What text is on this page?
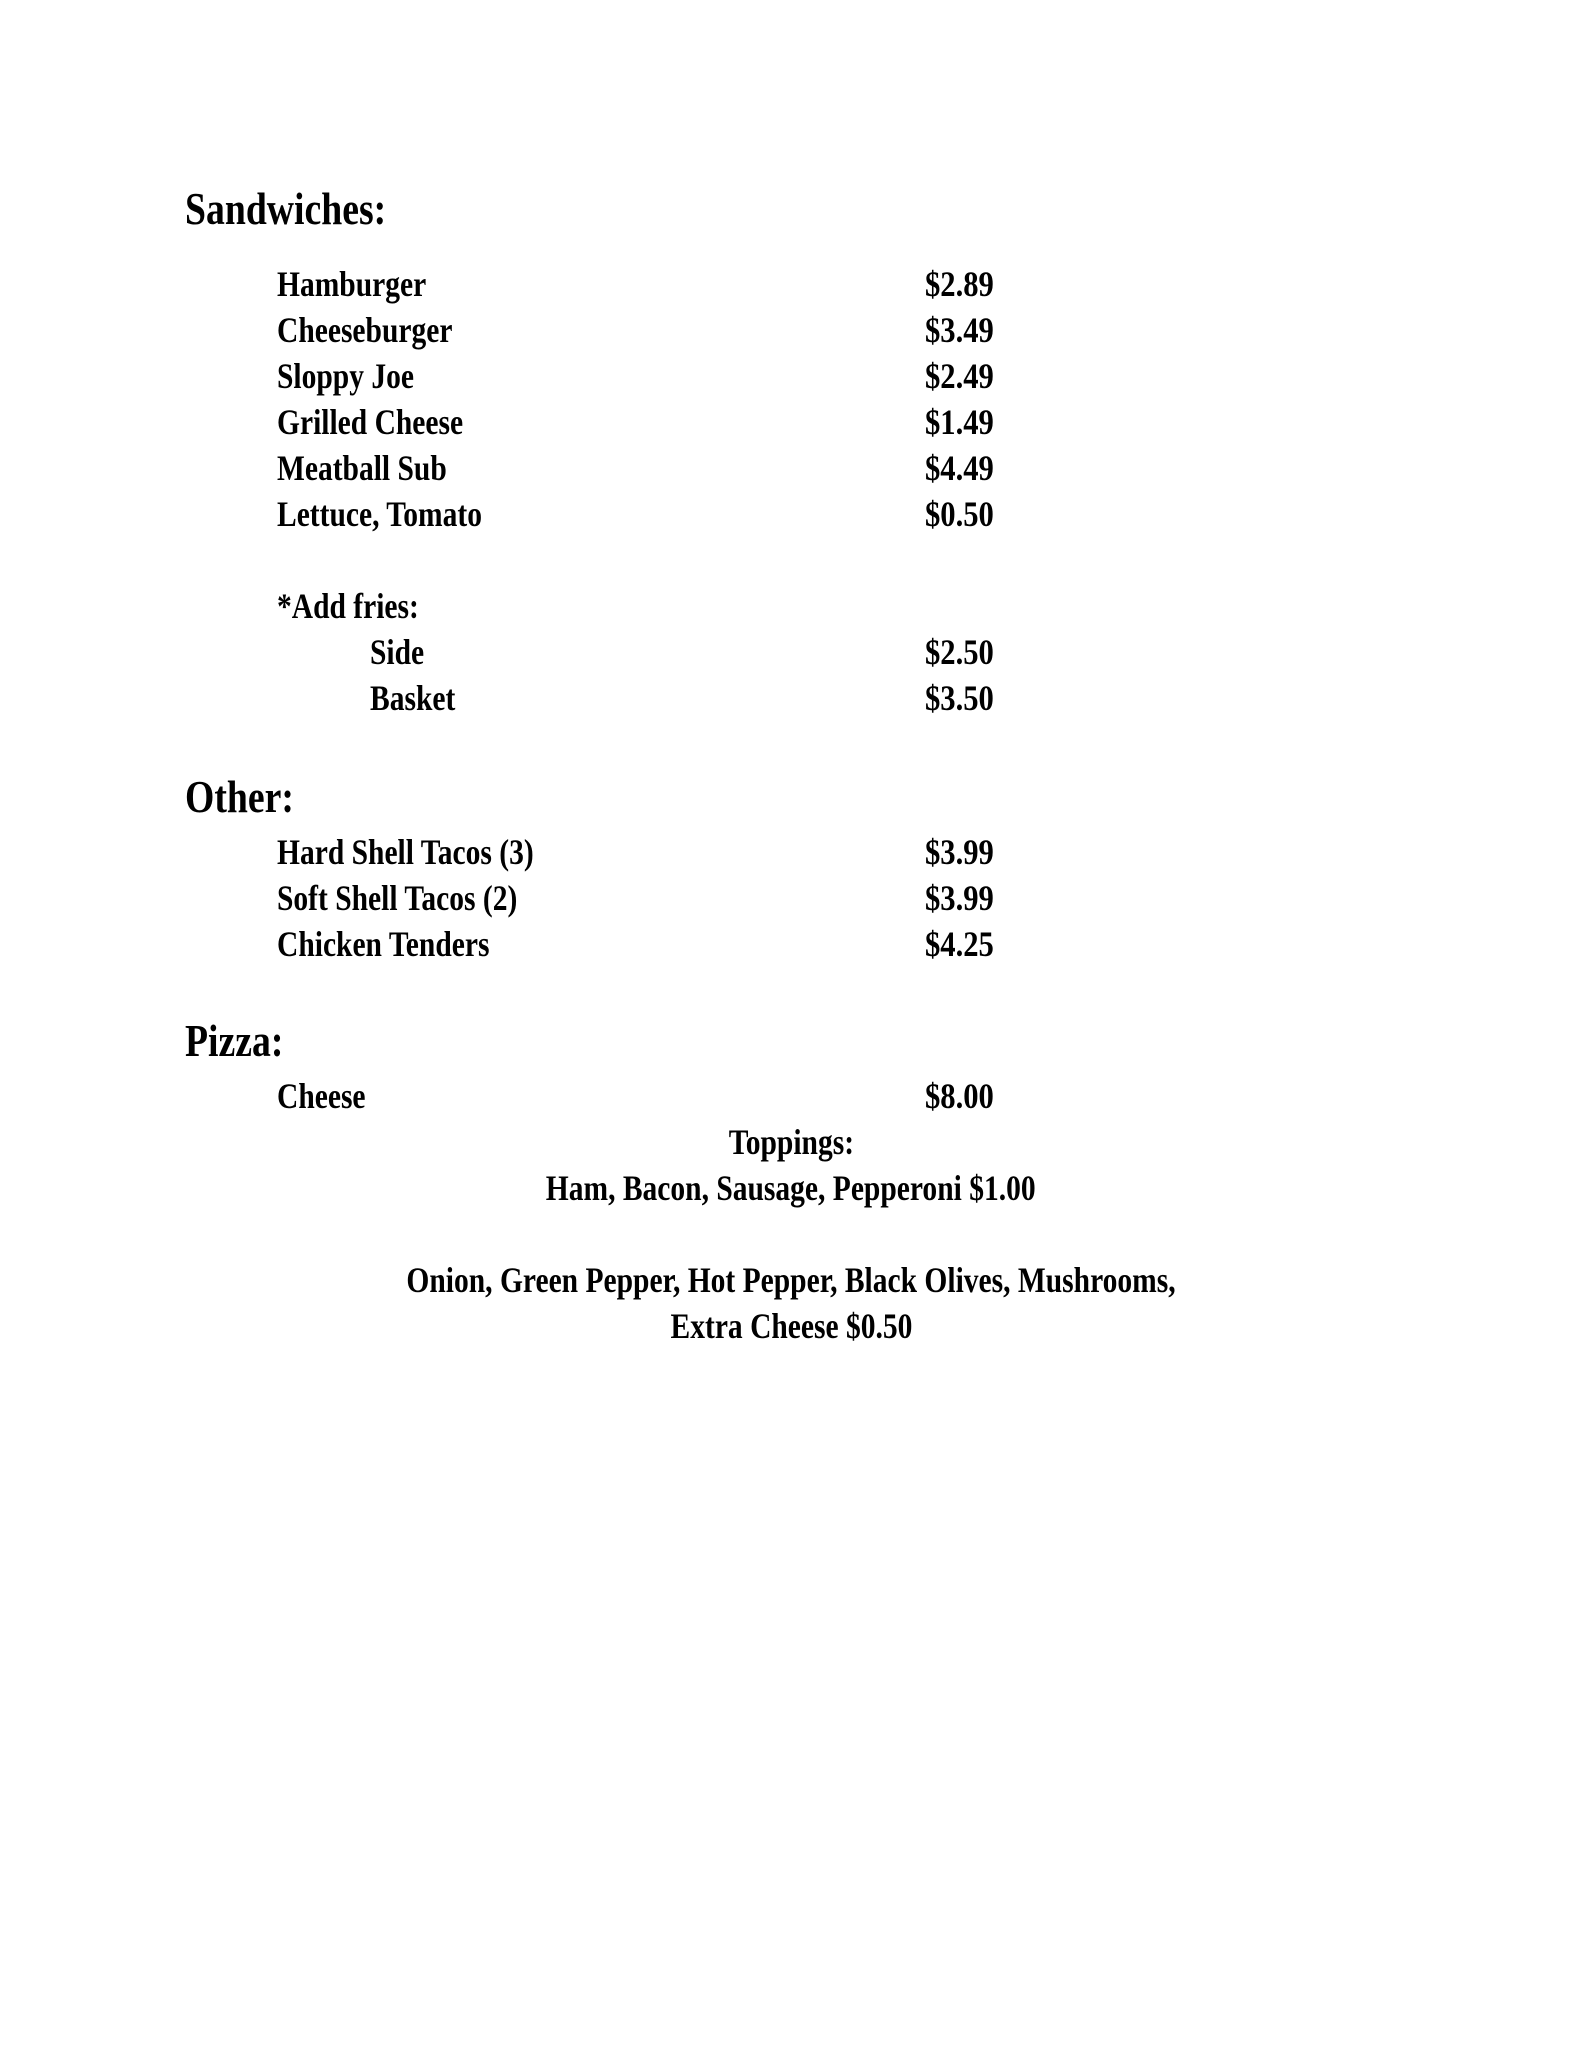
Sandwiches:
Hamburger	$2.89
Cheeseburger	$3.49
Sloppy Joe	$2.49
Grilled Cheese	$1.49
Meatball Sub	$4.49
Lettuce, Tomato	$0.50
*Add fries:
Side	$2.50
Basket	$3.50
Other:
Hard Shell Tacos (3)	$3.99
Soft Shell Tacos (2)	$3.99
Chicken Tenders	$4.25
Pizza:
Cheese	$8.00
Toppings:
Ham, Bacon, Sausage, Pepperoni $1.00
Onion, Green Pepper, Hot Pepper, Black Olives, Mushrooms,
Extra Cheese $0.50
